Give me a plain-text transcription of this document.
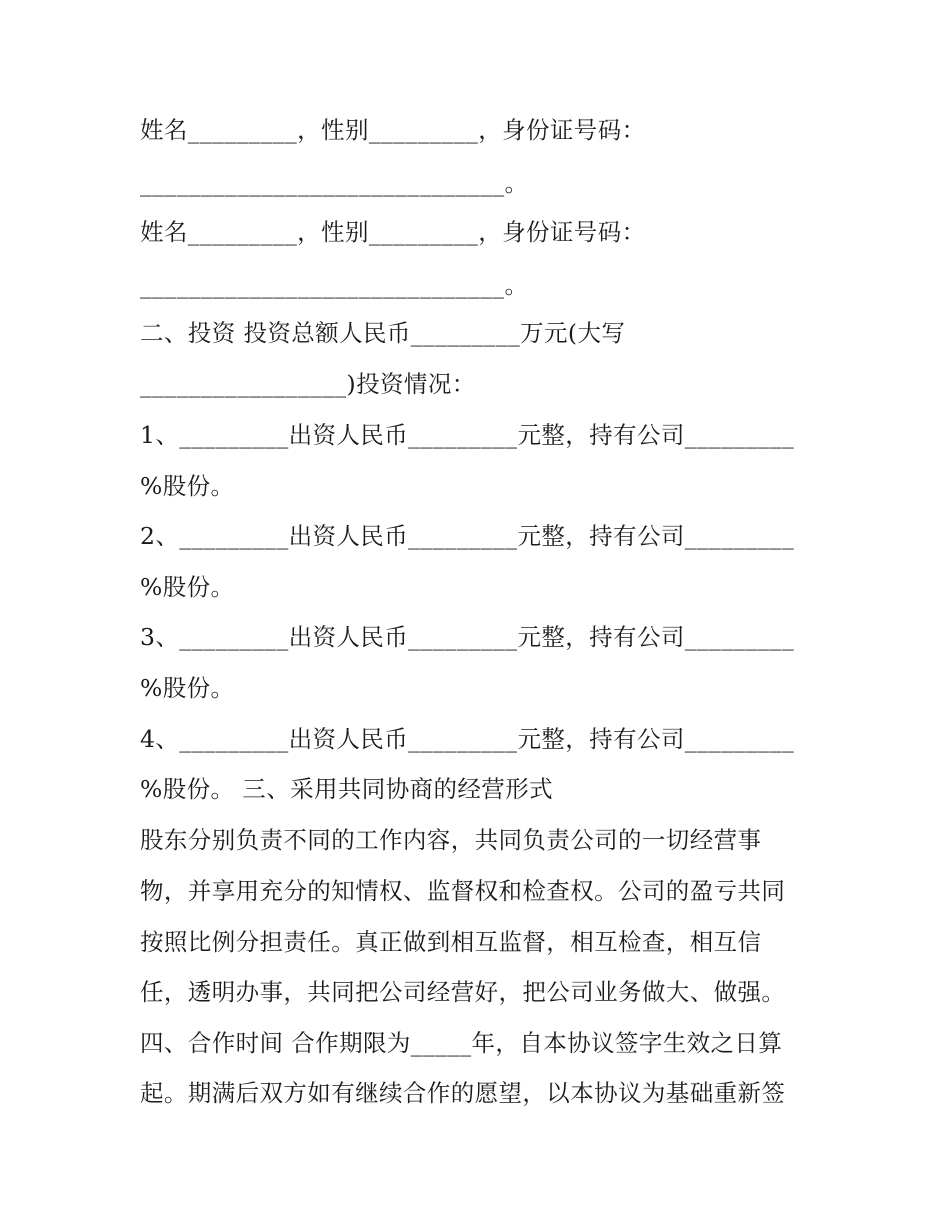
姓名_________，性别_________，身份证号码：
______________________________。
姓名_________，性别_________，身份证号码：
______________________________。
二、投资 投资总额人民币_________万元(大写
_________________)投资情况：
1、_________出资人民币_________元整，持有公司_________
%股份。
2、_________出资人民币_________元整，持有公司_________
%股份。
3、_________出资人民币_________元整，持有公司_________
%股份。
4、_________出资人民币_________元整，持有公司_________
%股份。 三、采用共同协商的经营形式
股东分别负责不同的工作内容，共同负责公司的一切经营事
物，并享用充分的知情权、监督权和检查权。公司的盈亏共同
按照比例分担责任。真正做到相互监督，相互检查，相互信
任，透明办事，共同把公司经营好，把公司业务做大、做强。
四、合作时间 合作期限为_____年，自本协议签字生效之日算
起。期满后双方如有继续合作的愿望，以本协议为基础重新签
